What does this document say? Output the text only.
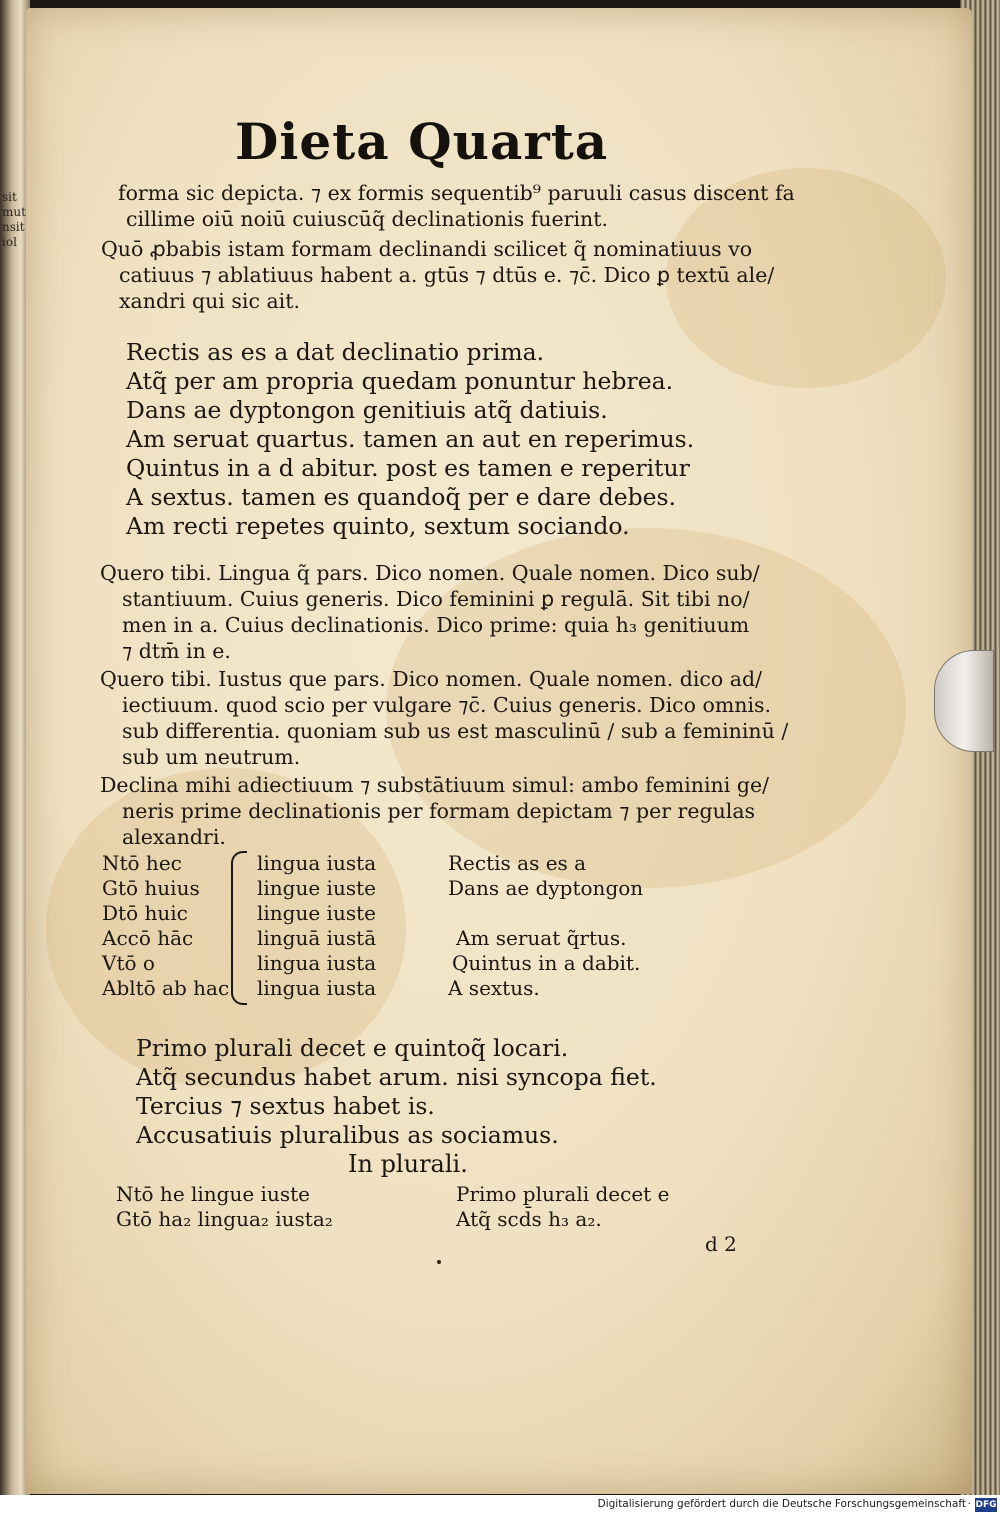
sit mut nsit iol
Dieta Quarta
forma sic depicta. ⁊ ex formis sequentib⁹ paruuli casus discent fa
cillime oiū noiū cuiuscūq̃ declinationis fuerint.
Quō ꝓbabis istam formam declinandi scilicet q̃ nominatiuus vo
catiuus ⁊ ablatiuus habent a. gtūs ⁊ dtūs e. ⁊c̄. Dico ꝑ textū ale/
xandri qui sic ait.
Rectis as es a dat declinatio prima.
Atq̃ per am propria quedam ponuntur hebrea.
Dans ae dyptongon genitiuis atq̃ datiuis.
Am seruat quartus. tamen an aut en reperimus.
Quintus in a d abitur. post es tamen e reperitur
A sextus. tamen es quandoq̃ per e dare debes.
Am recti repetes quinto, sextum sociando.
Quero tibi. Lingua q̃ pars. Dico nomen. Quale nomen. Dico sub/
stantiuum. Cuius generis. Dico feminini ꝑ regulā. Sit tibi no/
men in a. Cuius declinationis. Dico prime: quia h₃ genitiuum
⁊ dtm̄ in e.
Quero tibi. Iustus que pars. Dico nomen. Quale nomen. dico ad/
iectiuum. quod scio per vulgare ⁊c̄. Cuius generis. Dico omnis.
sub differentia. quoniam sub us est masculinū / sub a femininū /
sub um neutrum.
Declina mihi adiectiuum ⁊ substātiuum simul: ambo feminini ge/
neris prime declinationis per formam depictam ⁊ per regulas
alexandri.
Ntō hec
Gtō huius
Dtō huic
Accō hāc
Vtō o
Abltō ab hac
lingua iusta
lingue iuste
lingue iuste
linguā iustā
lingua iusta
lingua iusta
Rectis as es a
Dans ae dyptongon

Am seruat q̃rtus.
Quintus in a dabit.
A sextus.
Primo plurali decet e quintoq̃ locari.
Atq̃ secundus habet arum. nisi syncopa fiet.
Tercius ⁊ sextus habet is.
Accusatiuis pluralibus as sociamus.
In plurali.
Ntō he lingue iuste
Gtō ha₂ lingua₂ iusta₂
Primo plurali decet e
Atq̃ scd̄s h₃ a₂.
d 2
Digitalisierung gefördert durch die Deutsche Forschungsgemeinschaft · DFG
